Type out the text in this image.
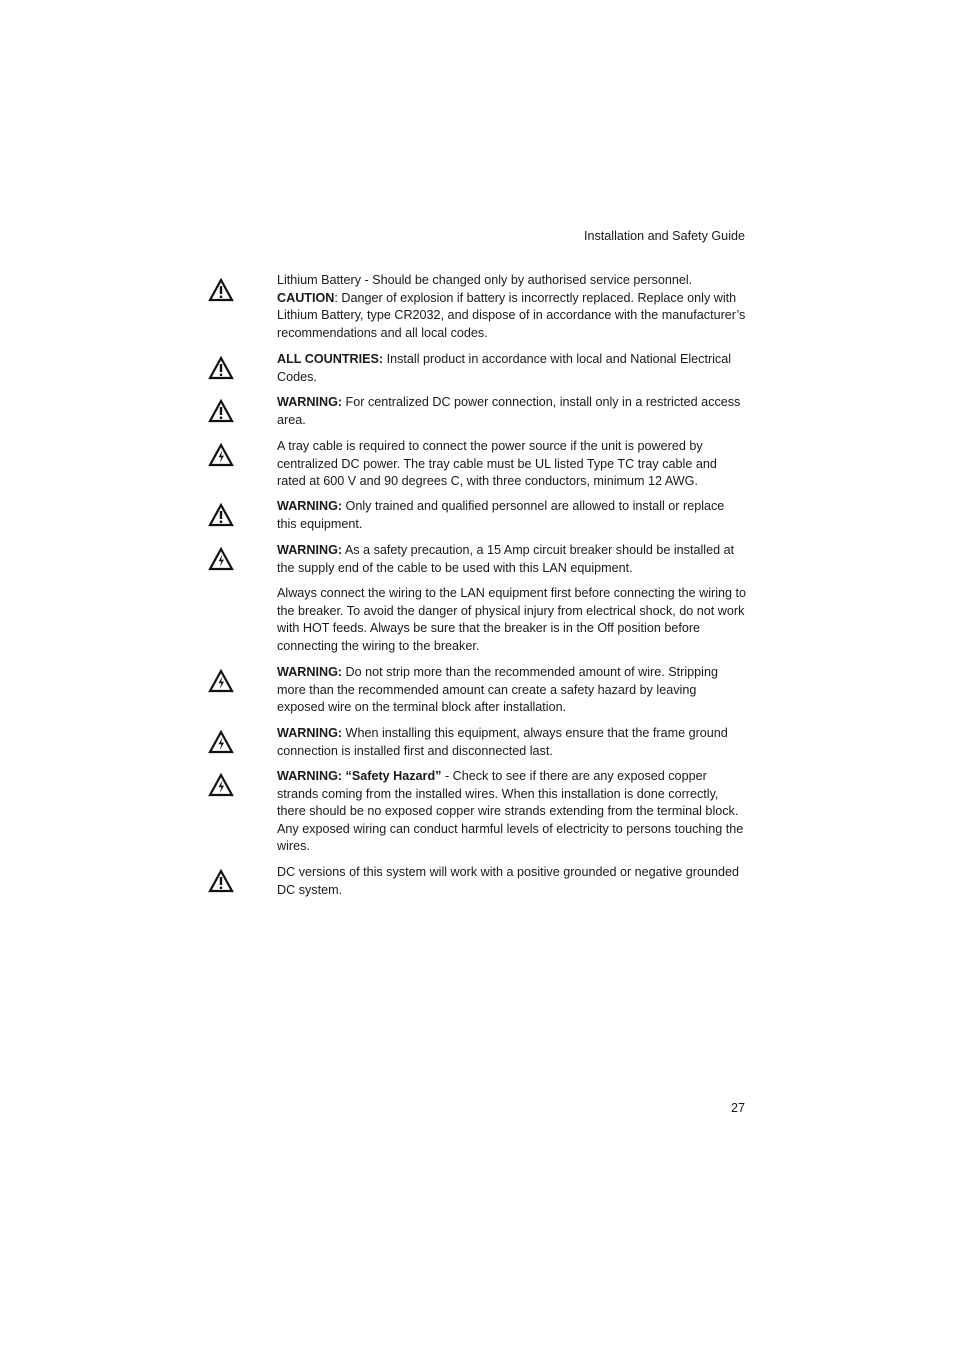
Installation and Safety Guide
Lithium Battery - Should be changed only by authorised service personnel.
CAUTION: Danger of explosion if battery is incorrectly replaced. Replace only with Lithium Battery, type CR2032, and dispose of in accordance with the manufacturer’s recommendations and all local codes.
ALL COUNTRIES: Install product in accordance with local and National Electrical Codes.
WARNING: For centralized DC power connection, install only in a restricted access area.
A tray cable is required to connect the power source if the unit is powered by centralized DC power. The tray cable must be UL listed Type TC tray cable and rated at 600 V and 90 degrees C, with three conductors, minimum 12 AWG.
WARNING: Only trained and qualified personnel are allowed to install or replace this equipment.
WARNING: As a safety precaution, a 15 Amp circuit breaker should be installed at the supply end of the cable to be used with this LAN equipment.
Always connect the wiring to the LAN equipment first before connecting the wiring to the breaker. To avoid the danger of physical injury from electrical shock, do not work with HOT feeds. Always be sure that the breaker is in the Off position before connecting the wiring to the breaker.
WARNING: Do not strip more than the recommended amount of wire. Stripping more than the recommended amount can create a safety hazard by leaving exposed wire on the terminal block after installation.
WARNING: When installing this equipment, always ensure that the frame ground connection is installed first and disconnected last.
WARNING: “Safety Hazard” - Check to see if there are any exposed copper strands coming from the installed wires. When this installation is done correctly, there should be no exposed copper wire strands extending from the terminal block. Any exposed wiring can conduct harmful levels of electricity to persons touching the wires.
DC versions of this system will work with a positive grounded or negative grounded DC system.
27
